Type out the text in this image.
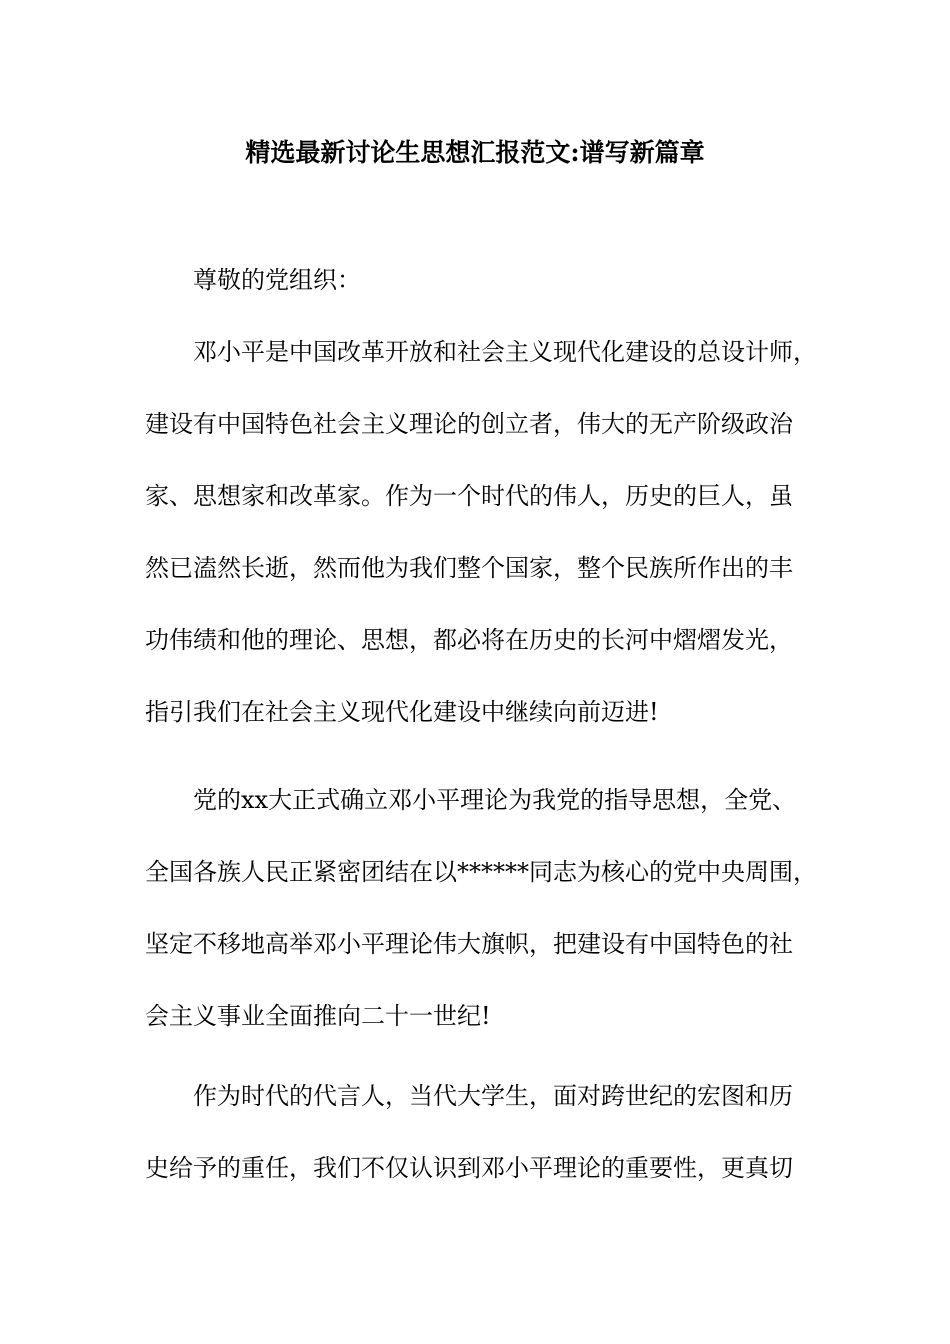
精选最新讨论生思想汇报范文:谱写新篇章
尊敬的党组织：
邓小平是中国改革开放和社会主义现代化建设的总设计师，
建设有中国特色社会主义理论的创立者，伟大的无产阶级政治
家、思想家和改革家。作为一个时代的伟人，历史的巨人，虽
然已溘然长逝，然而他为我们整个国家，整个民族所作出的丰
功伟绩和他的理论、思想，都必将在历史的长河中熠熠发光，
指引我们在社会主义现代化建设中继续向前迈进!
党的xx大正式确立邓小平理论为我党的指导思想，全党、
全国各族人民正紧密团结在以******同志为核心的党中央周围，
坚定不移地高举邓小平理论伟大旗帜，把建设有中国特色的社
会主义事业全面推向二十一世纪!
作为时代的代言人，当代大学生，面对跨世纪的宏图和历
史给予的重任，我们不仅认识到邓小平理论的重要性，更真切
